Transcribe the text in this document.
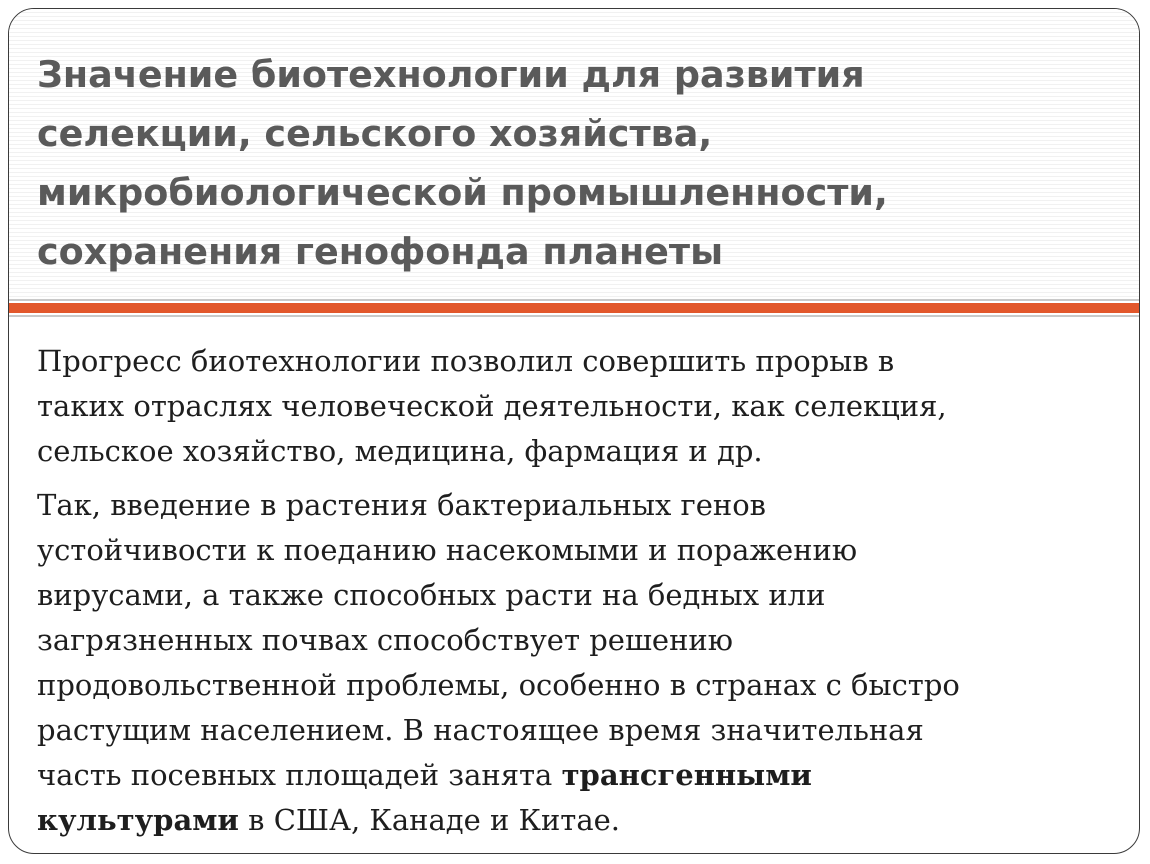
Значение биотехнологии для развития
селекции, сельского хозяйства,
микробиологической промышленности,
сохранения генофонда планеты

Прогресс биотехнологии позволил совершить прорыв в
таких отраслях человеческой деятельности, как селекция,
сельское хозяйство, медицина, фармация и др.

Так, введение в растения бактериальных генов
устойчивости к поеданию насекомыми и поражению
вирусами, а также способных расти на бедных или
загрязненных почвах способствует решению
продовольственной проблемы, особенно в странах с быстро
растущим населением. В настоящее время значительная
часть посевных площадей занята трансгенными
культурами в США, Канаде и Китае.
